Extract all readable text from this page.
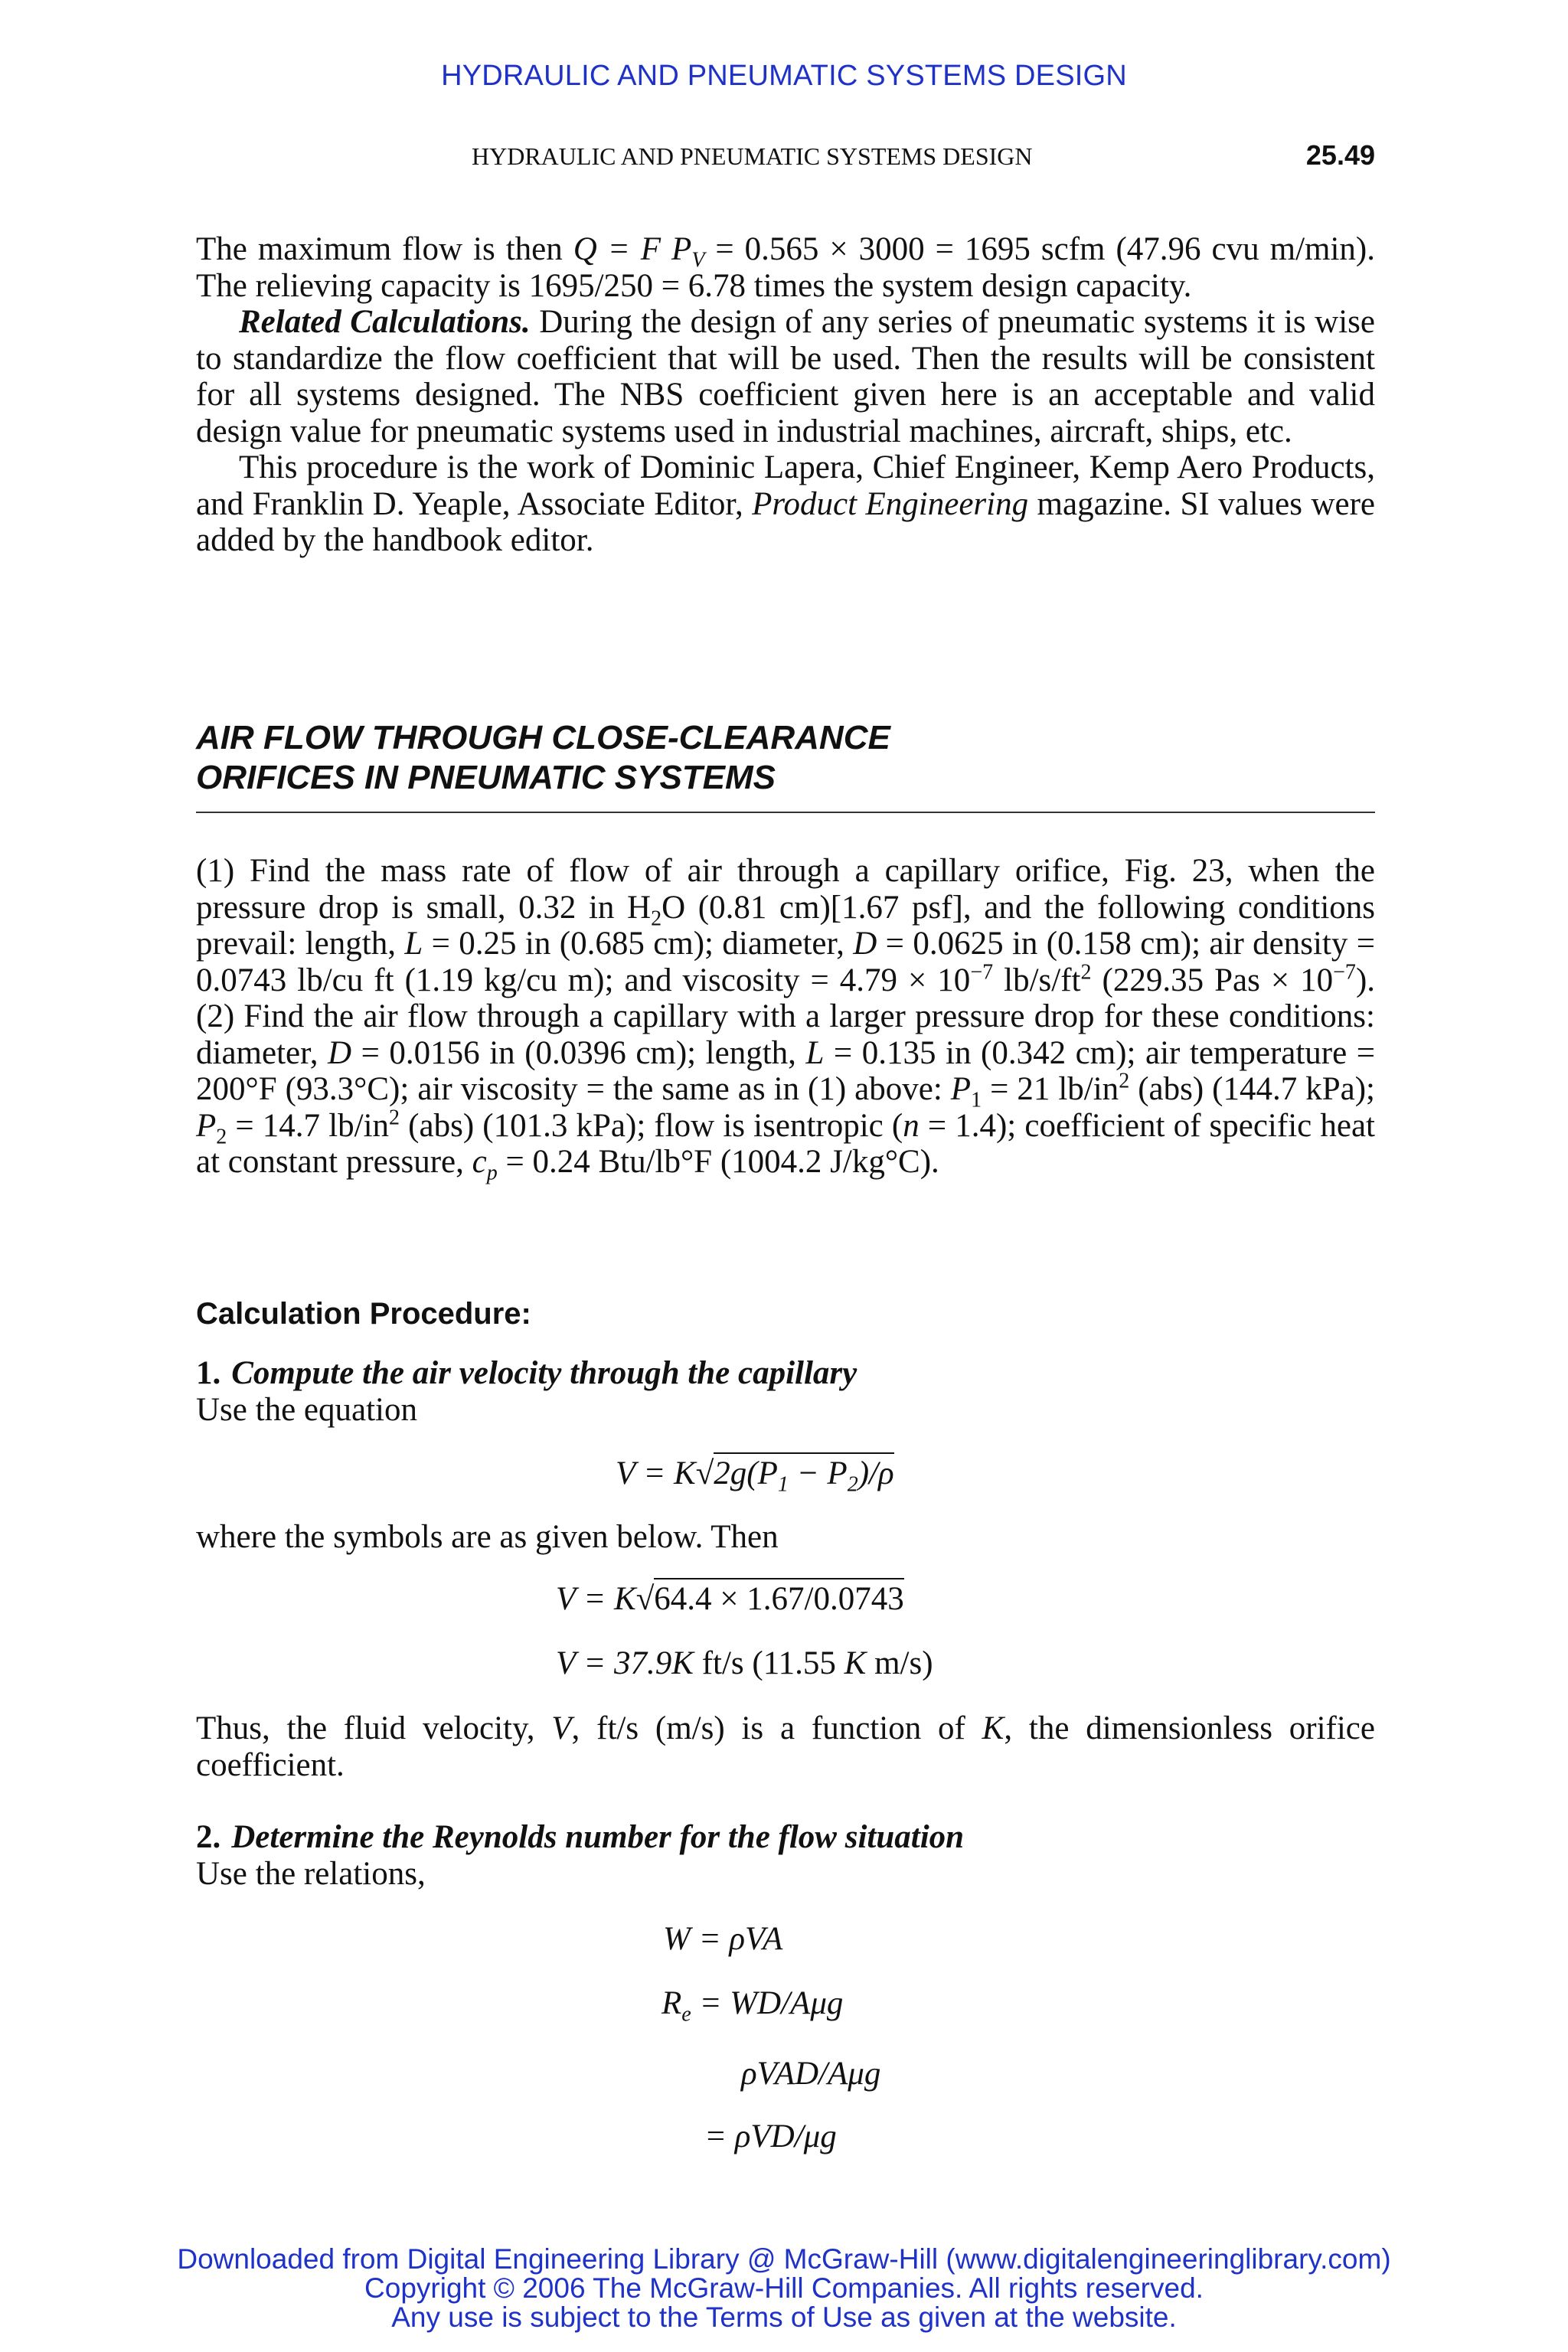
HYDRAULIC AND PNEUMATIC SYSTEMS DESIGN
HYDRAULIC AND PNEUMATIC SYSTEMS DESIGN	25.49

The maximum flow is then Q = F $P_V = 0.565 \times 3000 = 1695$ scfm (47.96 cvu m/min). The relieving capacity is 1695/250 = 6.78 times the system design capacity.

Related Calculations. During the design of any series of pneumatic systems it is wise to standardize the flow coefficient that will be used. Then the results will be consistent for all systems designed. The NBS coefficient given here is an acceptable and valid design value for pneumatic systems used in industrial machines, aircraft, ships, etc.

This procedure is the work of Dominic Lapera, Chief Engineer, Kemp Aero Products, and Franklin D. Yeaple, Associate Editor, Product Engineering magazine. SI values were added by the handbook editor.

AIR FLOW THROUGH CLOSE-CLEARANCE
ORIFICES IN PNEUMATIC SYSTEMS

(1) Find the mass rate of flow of air through a capillary orifice, Fig. 23, when the pressure drop is small, 0.32 in $H_2O$ (0.81 cm)[1.67 psf], and the following conditions prevail: length, L = 0.25 in (0.685 cm); diameter, D = 0.0625 in (0.158 cm); air density = 0.0743 lb/cu ft (1.19 kg/cu m); and viscosity = $4.79 \times 10^{-7}$ $lb/s/ft^2$ (229.35 Pas × $10^{-7}$). (2) Find the air flow through a capillary with a larger pressure drop for these conditions: diameter, D = 0.0156 in (0.0396 cm); length, L = 0.135 in (0.342 cm); air temperature = 200°F (93.3°C); air viscosity = the same as in (1) above: $P_1 = 21$ $lb/in^2$ (abs) (144.7 kPa); $P_2 = 14.7$ $lb/in^2$ (abs) (101.3 kPa); flow is isentropic (n = 1.4); coefficient of specific heat at constant pressure, $c_p = 0.24$ Btu/lb°F (1004.2 J/kg°C).

Calculation Procedure:
1. Compute the air velocity through the capillary
Use the equation
$V = K√2g(P_1 - P_2)/\rho$
where the symbols are as given below. Then
V = K√64.4 × 1.67/0.0743
V = 37.9K ft/s (11.55 K m/s)

Thus, the fluid velocity, V, ft/s (m/s) is a function of K, the dimensionless orifice coefficient.

2. Determine the Reynolds number for the flow situation
Use the relations,
W = ρVA
$R_e = WD/A\mu g$
ρVAD/Aμg
= ρVD/μg
Downloaded from Digital Engineering Library @ McGraw-Hill (www.digitalengineeringlibrary.com)
Copyright © 2006 The McGraw-Hill Companies. All rights reserved.
Any use is subject to the Terms of Use as given at the website.
